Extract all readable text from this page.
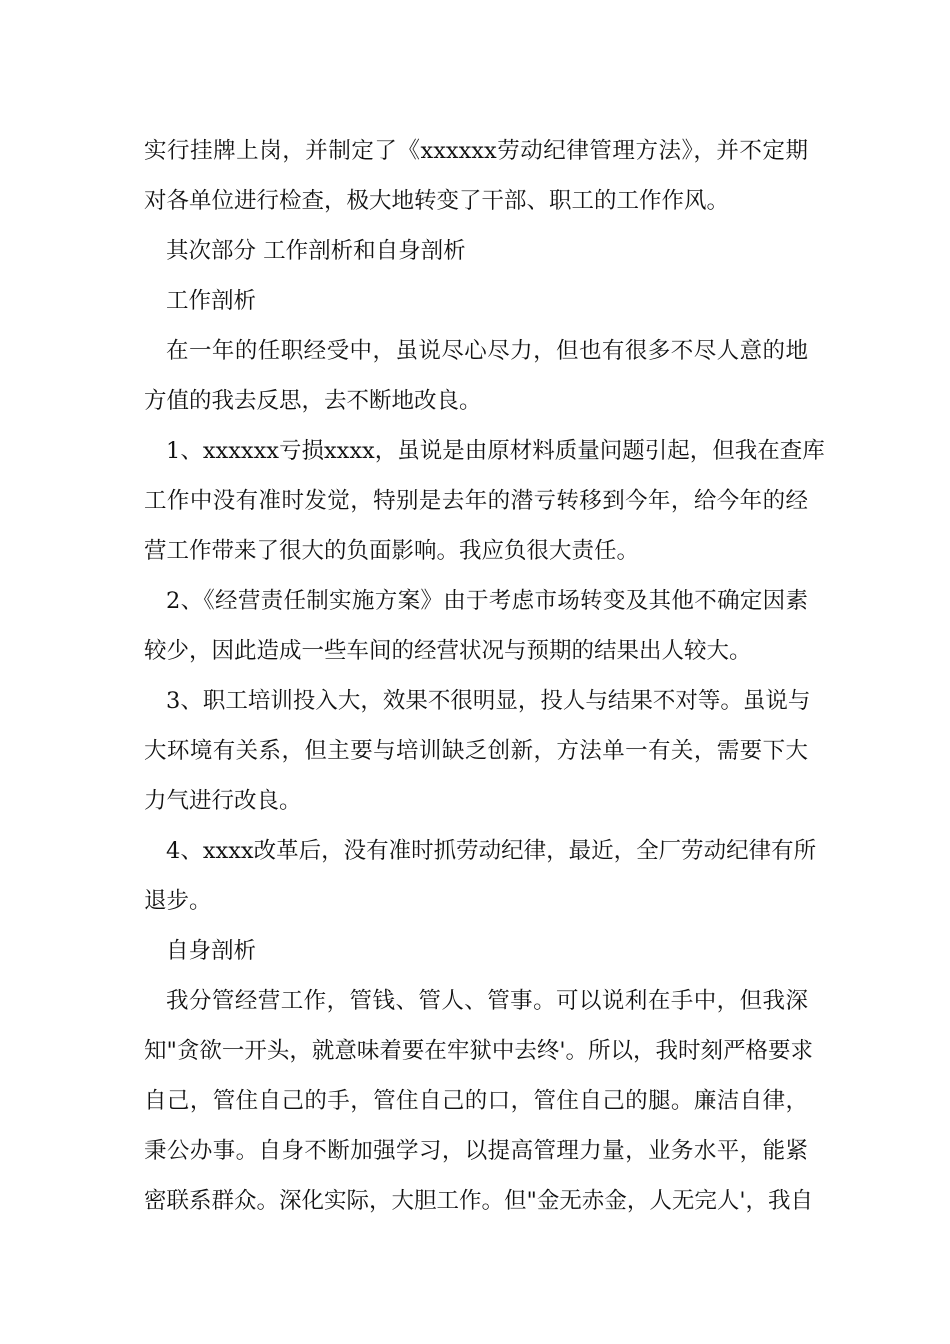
实行挂牌上岗，并制定了《xxxxxx劳动纪律管理方法》，并不定期
对各单位进行检查，极大地转变了干部、职工的工作作风。
其次部分 工作剖析和自身剖析
工作剖析
在一年的任职经受中，虽说尽心尽力，但也有很多不尽人意的地
方值的我去反思，去不断地改良。
1、xxxxxx亏损xxxx，虽说是由原材料质量问题引起，但我在查库
工作中没有准时发觉，特别是去年的潜亏转移到今年，给今年的经
营工作带来了很大的负面影响。我应负很大责任。
2、《经营责任制实施方案》由于考虑市场转变及其他不确定因素
较少，因此造成一些车间的经营状况与预期的结果出人较大。
3、职工培训投入大，效果不很明显，投人与结果不对等。虽说与
大环境有关系，但主要与培训缺乏创新，方法单一有关，需要下大
力气进行改良。
4、xxxx改革后，没有准时抓劳动纪律，最近，全厂劳动纪律有所
退步。
自身剖析
我分管经营工作，管钱、管人、管事。可以说利在手中，但我深
知"贪欲一开头，就意味着要在牢狱中去终'。所以，我时刻严格要求
自己，管住自己的手，管住自己的口，管住自己的腿。廉洁自律，
秉公办事。自身不断加强学习，以提高管理力量，业务水平，能紧
密联系群众。深化实际，大胆工作。但"金无赤金，人无完人'，我自
